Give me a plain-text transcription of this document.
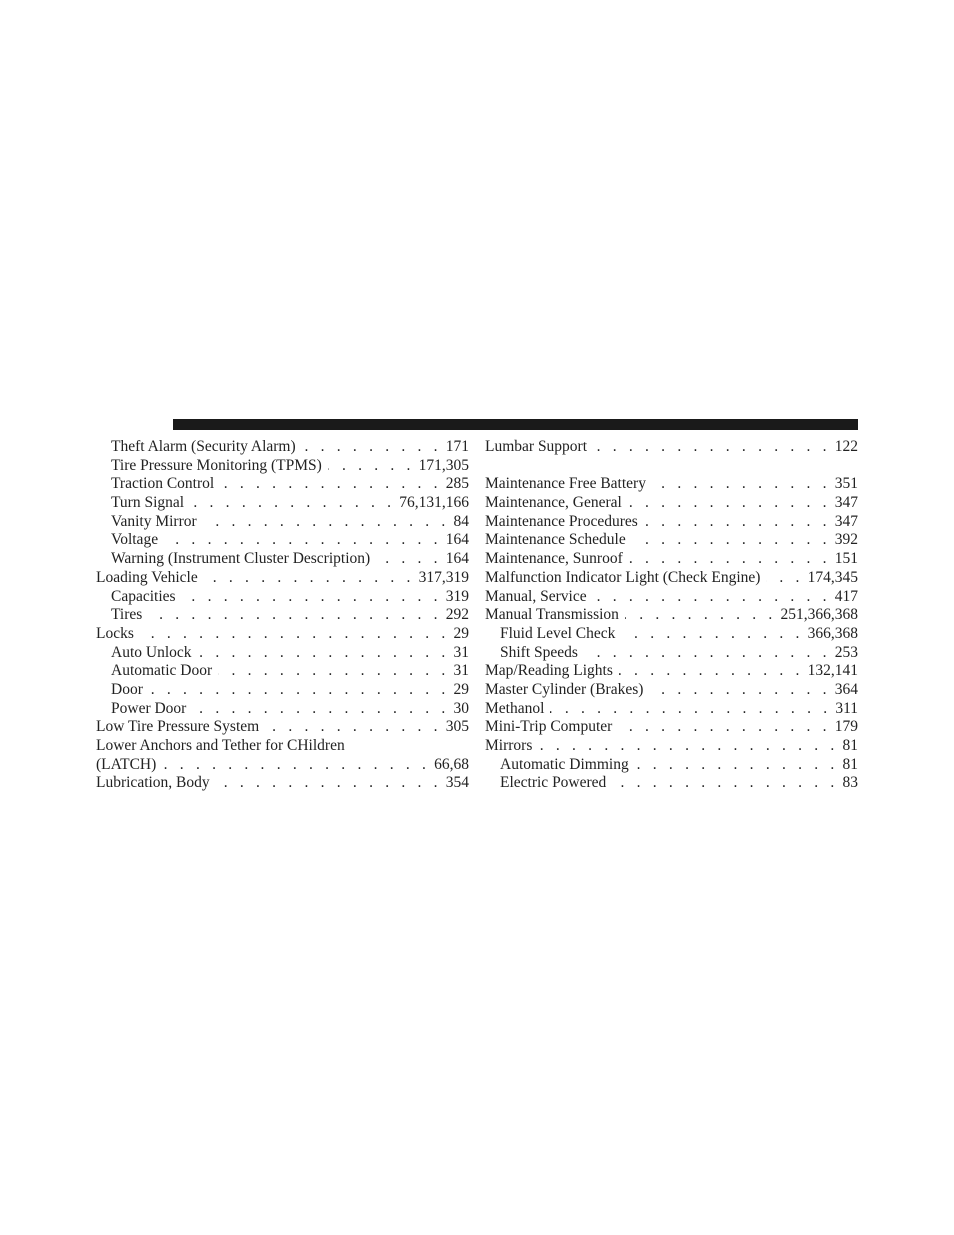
Theft Alarm (Security Alarm) . . .	171
Tire Pressure Monitoring (TPMS) . . .	171,305
Traction Control . . .	285
Turn Signal . . .	76,131,166
Vanity Mirror . . .	84
Voltage . . .	164
Warning (Instrument Cluster Description) . . .	164
Loading Vehicle . . .	317,319
Capacities . . .	319
Tires . . .	292
Locks . . .	29
Auto Unlock . . .	31
Automatic Door . . .	31
Door . . .	29
Power Door . . .	30
Low Tire Pressure System . . .	305
Lower Anchors and Tether for CHildren
(LATCH) . . .	66,68
Lubrication, Body . . .	354
Lumbar Support . . .	122
Maintenance Free Battery . . .	351
Maintenance, General . . .	347
Maintenance Procedures . . .	347
Maintenance Schedule . . .	392
Maintenance, Sunroof . . .	151
Malfunction Indicator Light (Check Engine) . . .	174,345
Manual, Service . . .	417
Manual Transmission . . .	251,366,368
Fluid Level Check . . .	366,368
Shift Speeds . . .	253
Map/Reading Lights . . .	132,141
Master Cylinder (Brakes) . . .	364
Methanol . . .	311
Mini-Trip Computer . . .	179
Mirrors . . .	81
Automatic Dimming . . .	81
Electric Powered . . .	83
